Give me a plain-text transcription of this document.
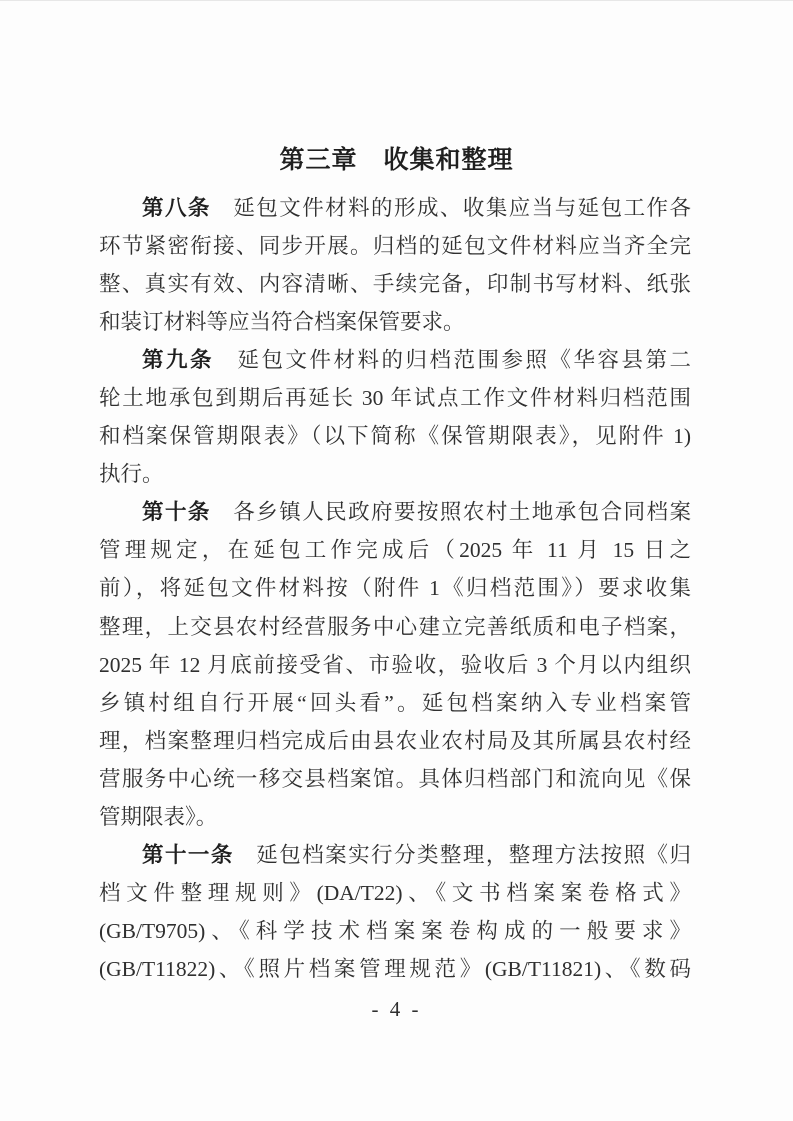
第三章　收集和整理
第八条 延包文件材料的形成、收集应当与延包工作各
环节紧密衔接、同步开展。归档的延包文件材料应当齐全完
整、真实有效、内容清晰、手续完备，印制书写材料、纸张
和装订材料等应当符合档案保管要求。
第九条 延包文件材料的归档范围参照《华容县第二
轮土地承包到期后再延长 30 年试点工作文件材料归档范围
和档案保管期限表》（以下简称《保管期限表》，见附件 1)
执行。
第十条 各乡镇人民政府要按照农村土地承包合同档案
管理规定，在延包工作完成后（2025 年 11 月 15 日之
前），将延包文件材料按（附件 1《归档范围》）要求收集
整理，上交县农村经营服务中心建立完善纸质和电子档案，
2025 年 12 月底前接受省、市验收，验收后 3 个月以内组织
乡镇村组自行开展“回头看”。延包档案纳入专业档案管
理，档案整理归档完成后由县农业农村局及其所属县农村经
营服务中心统一移交县档案馆。具体归档部门和流向见《保
管期限表》。
第十一条 延包档案实行分类整理，整理方法按照《归
档文件整理规则》(DA/T22)、《文书档案案卷格式》
(GB/T9705)、《科学技术档案案卷构成的一般要求》
(GB/T11822)、《照片档案管理规范》(GB/T11821)、《数码
- 4 -
